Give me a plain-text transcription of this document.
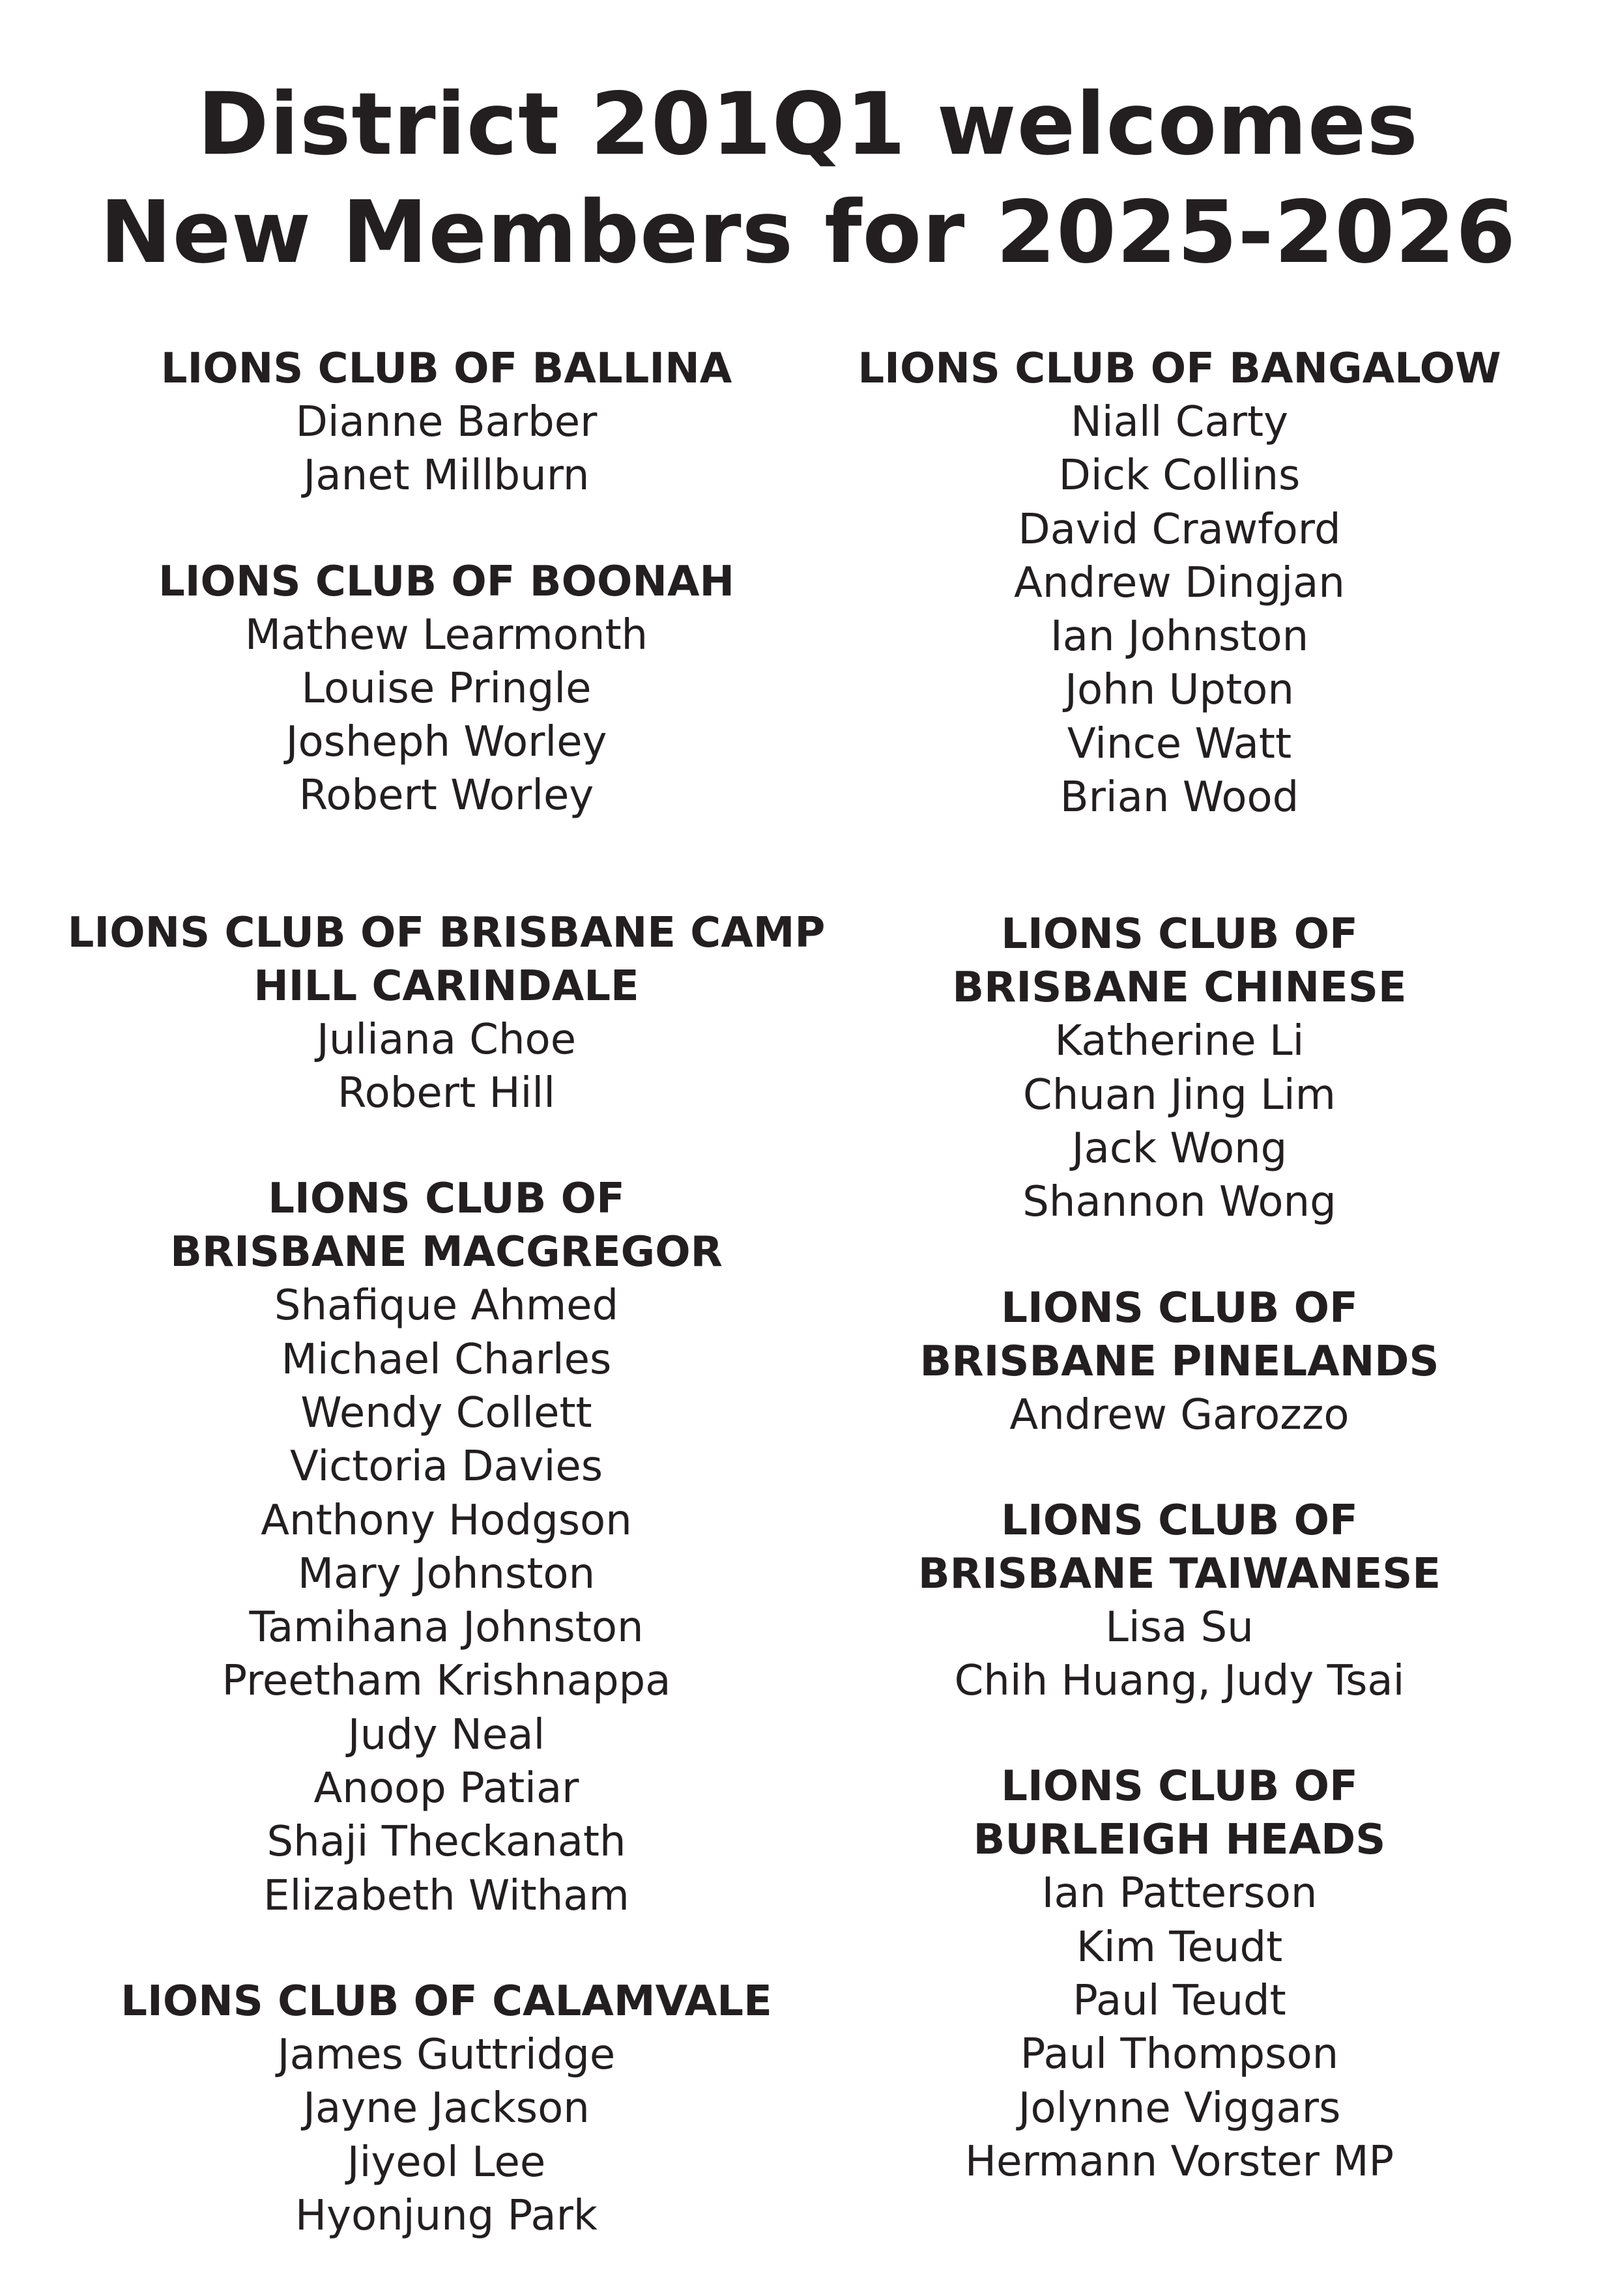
District 201Q1 welcomes
New Members for 2025-2026
LIONS CLUB OF BALLINA
Dianne Barber
Janet Millburn
LIONS CLUB OF BOONAH
Mathew Learmonth
Louise Pringle
Josheph Worley
Robert Worley
LIONS CLUB OF BRISBANE CAMP
HILL CARINDALE
Juliana Choe
Robert Hill
LIONS CLUB OF
BRISBANE MACGREGOR
Shafique Ahmed
Michael Charles
Wendy Collett
Victoria Davies
Anthony Hodgson
Mary Johnston
Tamihana Johnston
Preetham Krishnappa
Judy Neal
Anoop Patiar
Shaji Theckanath
Elizabeth Witham
LIONS CLUB OF CALAMVALE
James Guttridge
Jayne Jackson
Jiyeol Lee
Hyonjung Park
LIONS CLUB OF BANGALOW
Niall Carty
Dick Collins
David Crawford
Andrew Dingjan
Ian Johnston
John Upton
Vince Watt
Brian Wood
LIONS CLUB OF
BRISBANE CHINESE
Katherine Li
Chuan Jing Lim
Jack Wong
Shannon Wong
LIONS CLUB OF
BRISBANE PINELANDS
Andrew Garozzo
LIONS CLUB OF
BRISBANE TAIWANESE
Lisa Su
Chih Huang, Judy Tsai
LIONS CLUB OF
BURLEIGH HEADS
Ian Patterson
Kim Teudt
Paul Teudt
Paul Thompson
Jolynne Viggars
Hermann Vorster MP
